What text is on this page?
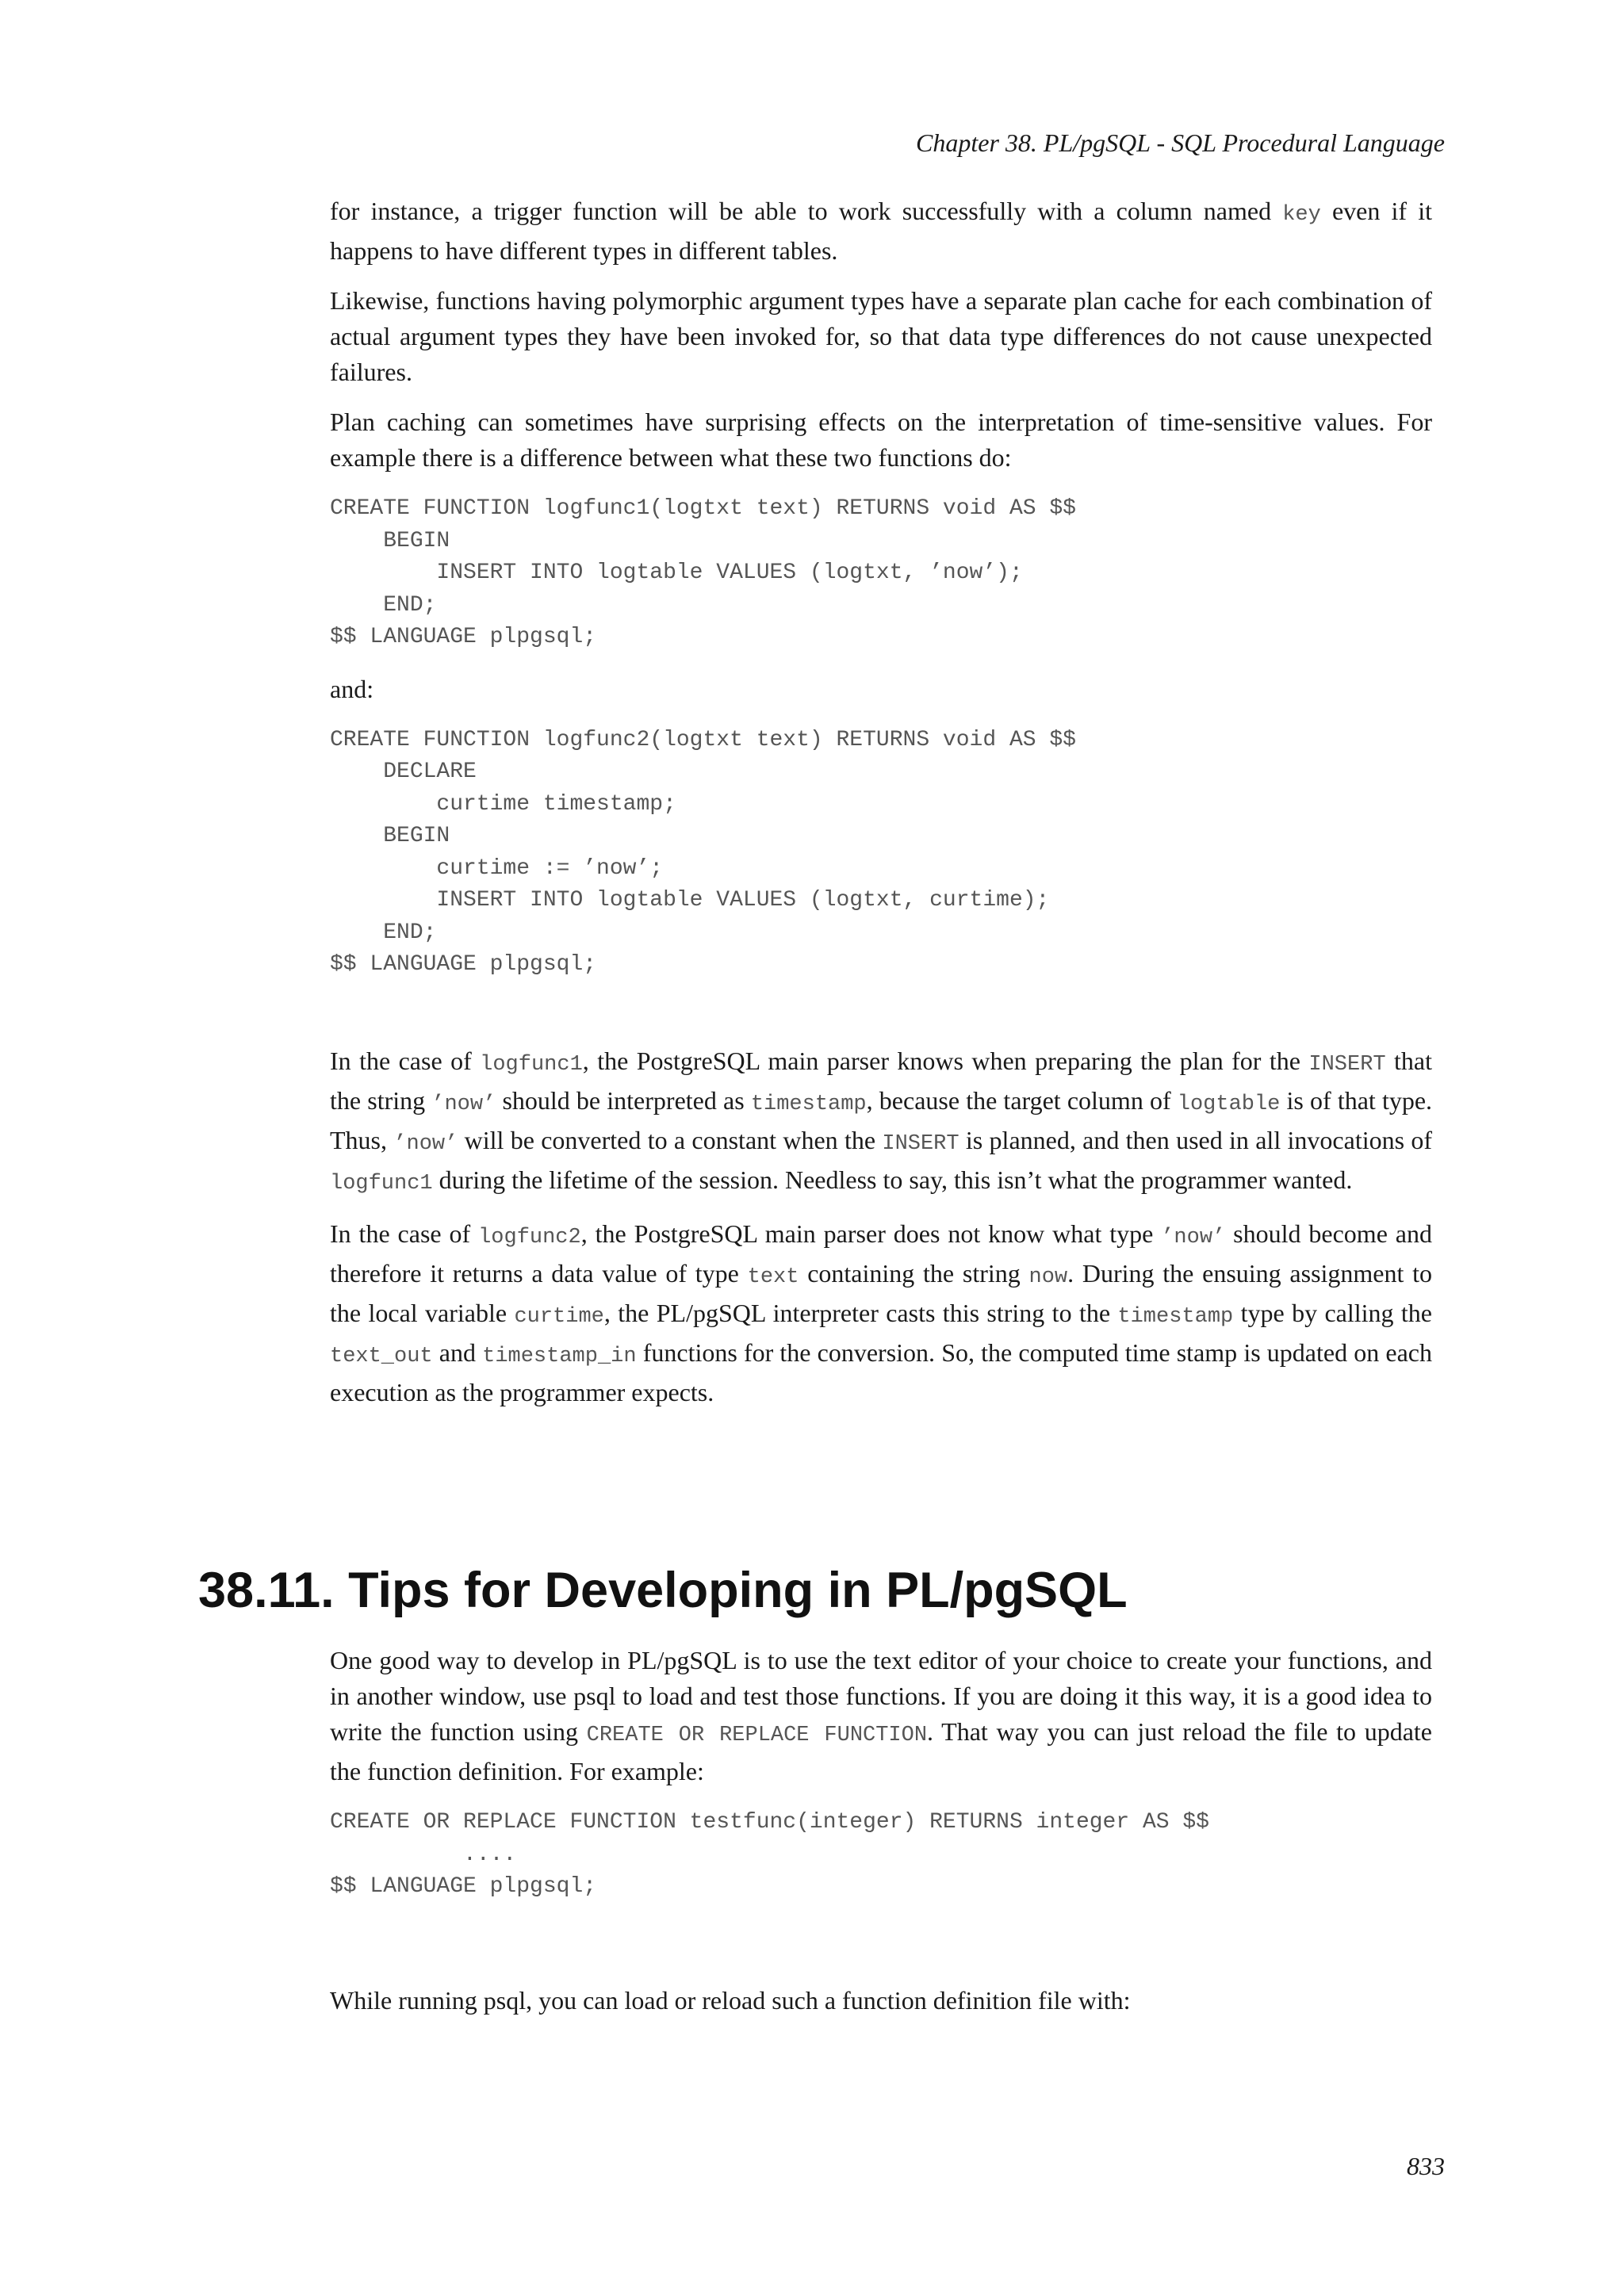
Chapter 38. PL/pgSQL - SQL Procedural Language

for instance, a trigger function will be able to work successfully with a column named key even if it happens to have different types in different tables.

Likewise, functions having polymorphic argument types have a separate plan cache for each combination of actual argument types they have been invoked for, so that data type differences do not cause unexpected failures.

Plan caching can sometimes have surprising effects on the interpretation of time-sensitive values. For example there is a difference between what these two functions do:

CREATE FUNCTION logfunc1(logtxt text) RETURNS void AS $$
BEGIN
INSERT INTO logtable VALUES (logtxt, ’now’);
END;
$$ LANGUAGE plpgsql;

and:

CREATE FUNCTION logfunc2(logtxt text) RETURNS void AS $$
DECLARE
curtime timestamp;
BEGIN
curtime := ’now’;
INSERT INTO logtable VALUES (logtxt, curtime);
END;
$$ LANGUAGE plpgsql;

In the case of logfunc1, the PostgreSQL main parser knows when preparing the plan for the INSERT that the string ’now’ should be interpreted as timestamp, because the target column of logtable is of that type. Thus, ’now’ will be converted to a constant when the INSERT is planned, and then used in all invocations of logfunc1 during the lifetime of the session. Needless to say, this isn’t what the programmer wanted.

In the case of logfunc2, the PostgreSQL main parser does not know what type ’now’ should become and therefore it returns a data value of type text containing the string now. During the ensuing assignment to the local variable curtime, the PL/pgSQL interpreter casts this string to the timestamp type by calling the text_out and timestamp_in functions for the conversion. So, the computed time stamp is updated on each execution as the programmer expects.

38.11. Tips for Developing in PL/pgSQL

One good way to develop in PL/pgSQL is to use the text editor of your choice to create your functions, and in another window, use psql to load and test those functions. If you are doing it this way, it is a good idea to write the function using CREATE OR REPLACE FUNCTION. That way you can just reload the file to update the function definition. For example:

CREATE OR REPLACE FUNCTION testfunc(integer) RETURNS integer AS $$
....
$$ LANGUAGE plpgsql;

While running psql, you can load or reload such a function definition file with:

833
